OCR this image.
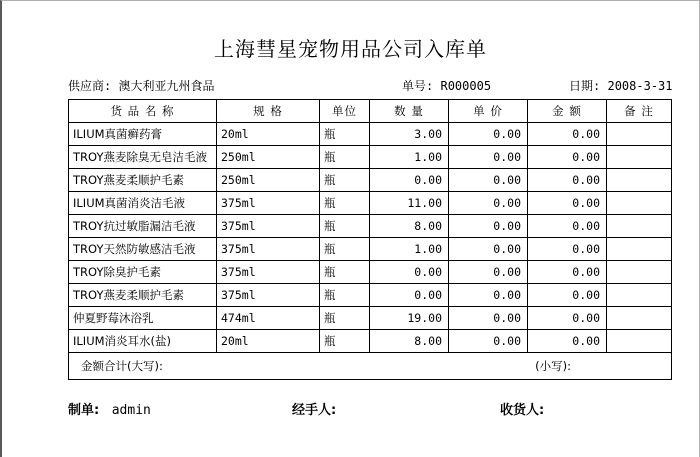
上海彗星宠物用品公司入库单
供应商: 澳大利亚九州食品	单号: R000005	日期: 2008-3-31
货 品 名 称	规 格	单位	数 量	单 价	金 额	备 注
ILIUM真菌癣药膏	20ml	瓶	3.00	0.00	0.00	
TROY燕麦除臭无皂洁毛液	250ml	瓶	1.00	0.00	0.00	
TROY燕麦柔顺护毛素	250ml	瓶	0.00	0.00	0.00	
ILIUM真菌消炎洁毛液	375ml	瓶	11.00	0.00	0.00	
TROY抗过敏脂漏洁毛液	375ml	瓶	8.00	0.00	0.00	
TROY天然防敏感洁毛液	375ml	瓶	1.00	0.00	0.00	
TROY除臭护毛素	375ml	瓶	0.00	0.00	0.00	
TROY燕麦柔顺护毛素	375ml	瓶	0.00	0.00	0.00	
仲夏野莓沐浴乳	474ml	瓶	19.00	0.00	0.00	
ILIUM消炎耳水(盐)	20ml	瓶	8.00	0.00	0.00	

金额合计(大写): (小写):						
制单: admin	经手人:	收货人:
